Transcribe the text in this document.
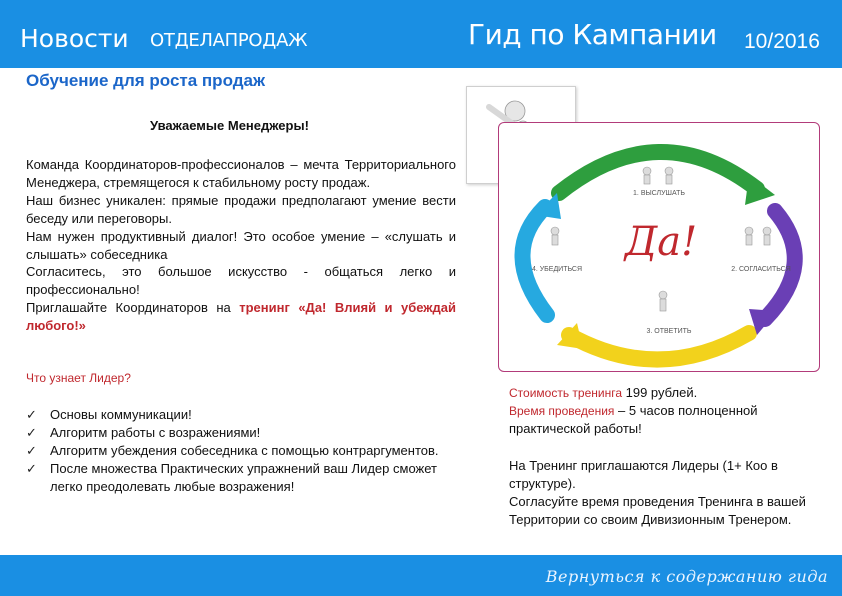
Новости ОТДЕЛАПРОДАЖ	Гид по Кампании 10/2016
Обучение для роста продаж
Уважаемые Менеджеры!

Команда Координаторов-профессионалов – мечта Территориального Менеджера, стремящегося к стабильному росту продаж.

Наш бизнес уникален: прямые продажи предполагают умение вести беседу или переговоры.

Нам нужен продуктивный диалог! Это особое умение – «слушать и слышать» собеседника

Согласитесь, это большое искусство - общаться легко и профессионально!

Приглашайте Координаторов на тренинг «Да! Влияй и убеждай любого!»

Что узнает Лидер?
✓ Основы коммуникации!
✓ Алгоритм работы с возражениями!
✓ Алгоритм убеждения собеседника с помощью контраргументов.
✓ После множества Практических упражнений ваш Лидер сможет легко преодолевать любые возражения!
Да!
1. ВЫСЛУШАТЬ
2. СОГЛАСИТЬСЯ
3. ОТВЕТИТЬ
4. УБЕДИТЬСЯ
Стоимость тренинга 199 рублей.
Время проведения – 5 часов полноценной практической работы!
На Тренинг приглашаются Лидеры (1+ Коо в структуре).
Согласуйте время проведения Тренинга в вашей Территории со своим Дивизионным Тренером.
Вернуться к содержанию гида
